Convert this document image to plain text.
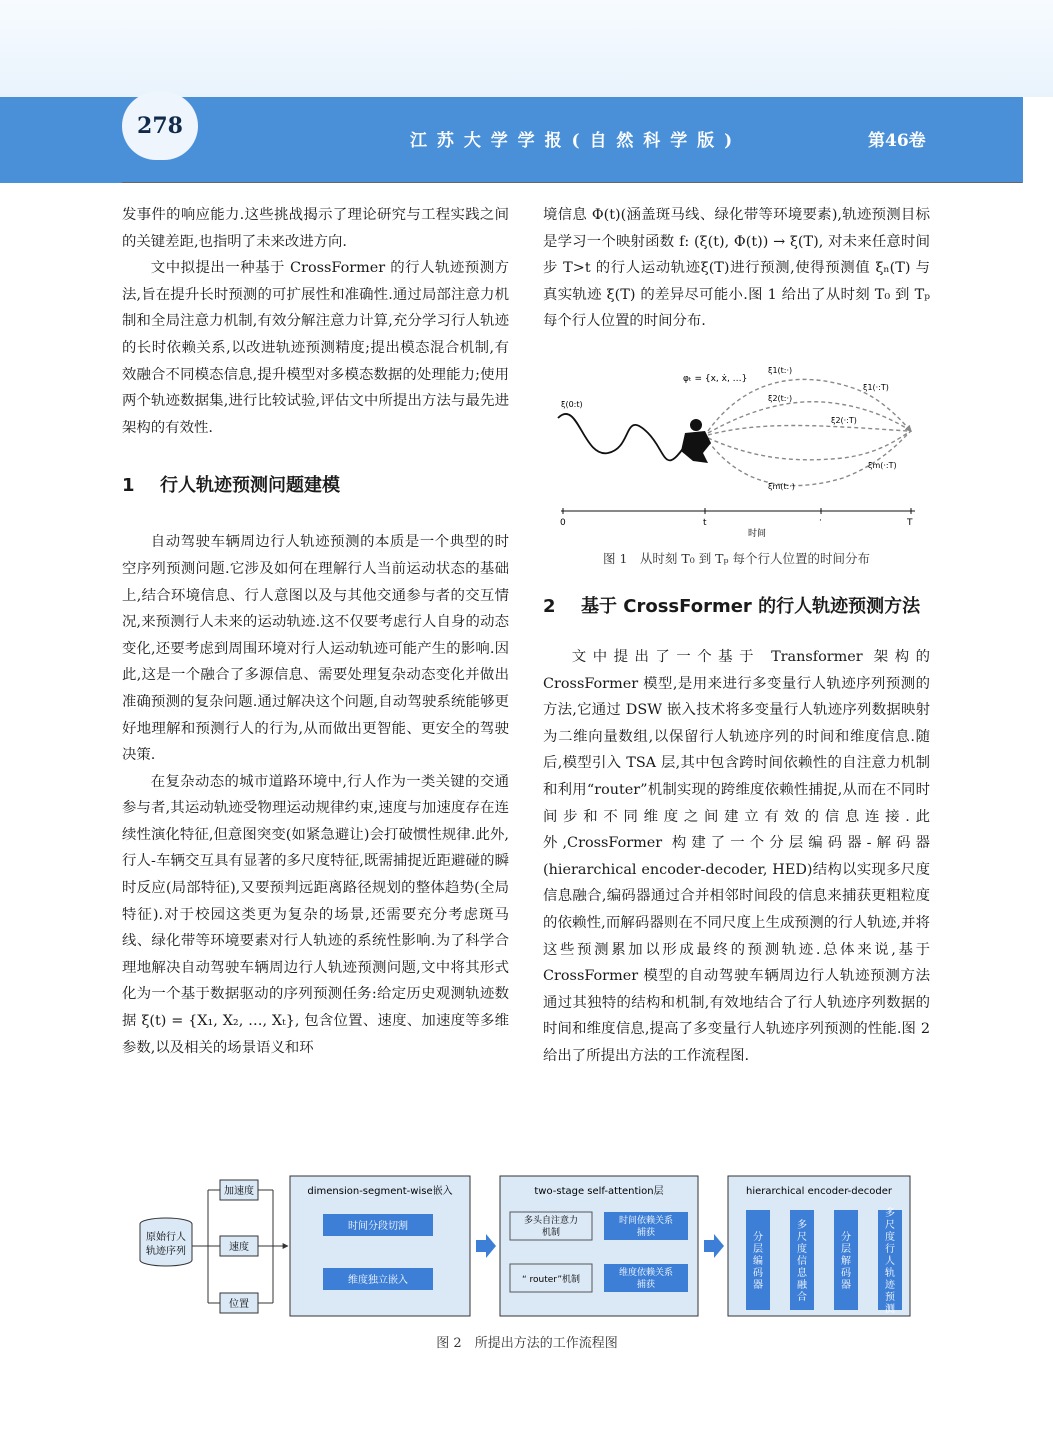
278
江 苏 大 学 学 报 ( 自 然 科 学 版 )	第46卷

发事件的响应能力.这些挑战揭示了理论研究与工程实践之间的关键差距,也指明了未来改进方向.

文中拟提出一种基于 CrossFormer 的行人轨迹预测方法,旨在提升长时预测的可扩展性和准确性.通过局部注意力机制和全局注意力机制,有效分解注意力计算,充分学习行人轨迹的长时依赖关系,以改进轨迹预测精度;提出模态混合机制,有效融合不同模态信息,提升模型对多模态数据的处理能力;使用两个轨迹数据集,进行比较试验,评估文中所提出方法与最先进架构的有效性.

1	行人轨迹预测问题建模

自动驾驶车辆周边行人轨迹预测的本质是一个典型的时空序列预测问题.它涉及如何在理解行人当前运动状态的基础上,结合环境信息、行人意图以及与其他交通参与者的交互情况,来预测行人未来的运动轨迹.这不仅要考虑行人自身的动态变化,还要考虑到周围环境对行人运动轨迹可能产生的影响.因此,这是一个融合了多源信息、需要处理复杂动态变化并做出准确预测的复杂问题.通过解决这个问题,自动驾驶系统能够更好地理解和预测行人的行为,从而做出更智能、更安全的驾驶决策.

在复杂动态的城市道路环境中,行人作为一类关键的交通参与者,其运动轨迹受物理运动规律约束,速度与加速度存在连续性演化特征,但意图突变(如紧急避让)会打破惯性规律.此外,行人-车辆交互具有显著的多尺度特征,既需捕捉近距避碰的瞬时反应(局部特征),又要预判远距离路径规划的整体趋势(全局特征).对于校园这类更为复杂的场景,还需要充分考虑斑马线、绿化带等环境要素对行人轨迹的系统性影响.为了科学合理地解决自动驾驶车辆周边行人轨迹预测问题,文中将其形式化为一个基于数据驱动的序列预测任务:给定历史观测轨迹数据 ξ(t) = {X₁, X₂, …, Xₜ}, 包含位置、速度、加速度等多维参数,以及相关的场景语义和环

境信息 Φ(t)(涵盖斑马线、绿化带等环境要素),轨迹预测目标是学习一个映射函数 f: (ξ(t), Φ(t)) → ξ(T), 对未来任意时间步 T>t 的行人运动轨迹ξ(T)进行预测,使得预测值 ξₙ(T) 与真实轨迹 ξ(T) 的差异尽可能小.图 1 给出了从时刻 T₀ 到 Tₚ 每个行人位置的时间分布.

φₜ = {x, ẋ, …}
ξ(0:t)
ξ1(t:·)
ξ2(t:·)
ξ2(·:T)
ξ1(·:T)
ξm(·:T)
ξm(t:·)
0	t	·	T
时间
图 1　从时刻 T₀ 到 Tₚ 每个行人位置的时间分布
2	基于 CrossFormer 的行人轨迹预测方法

文中提出了一个基于 Transformer 架构的 CrossFormer 模型,是用来进行多变量行人轨迹序列预测的方法,它通过 DSW 嵌入技术将多变量行人轨迹序列数据映射为二维向量数组,以保留行人轨迹序列的时间和维度信息.随后,模型引入 TSA 层,其中包含跨时间依赖性的自注意力机制和利用“router”机制实现的跨维度依赖性捕捉,从而在不同时间步和不同维度之间建立有效的信息连接.此外,CrossFormer 构建了一个分层编码器-解码器(hierarchical encoder-decoder, HED)结构以实现多尺度信息融合,编码器通过合并相邻时间段的信息来捕获更粗粒度的依赖性,而解码器则在不同尺度上生成预测的行人轨迹,并将这些预测累加以形成最终的预测轨迹.总体来说,基于 CrossFormer 模型的自动驾驶车辆周边行人轨迹预测方法通过其独特的结构和机制,有效地结合了行人轨迹序列数据的时间和维度信息,提高了多变量行人轨迹序列预测的性能.图 2 给出了所提出方法的工作流程图.

原始行人
轨迹序列
加速度
速度
位置
dimension-segment-wise嵌入
时间分段切割
维度独立嵌入
two-stage self-attention层
多头自注意力
机制
时间依赖关系
捕获
“ router”机制
维度依赖关系
捕获
hierarchical encoder-decoder
分
层
编
码
器
多
尺
度
信
息
融
合
分
层
解
码
器
多
尺
度
行
人
轨
迹
预
测
图 2　所提出方法的工作流程图
